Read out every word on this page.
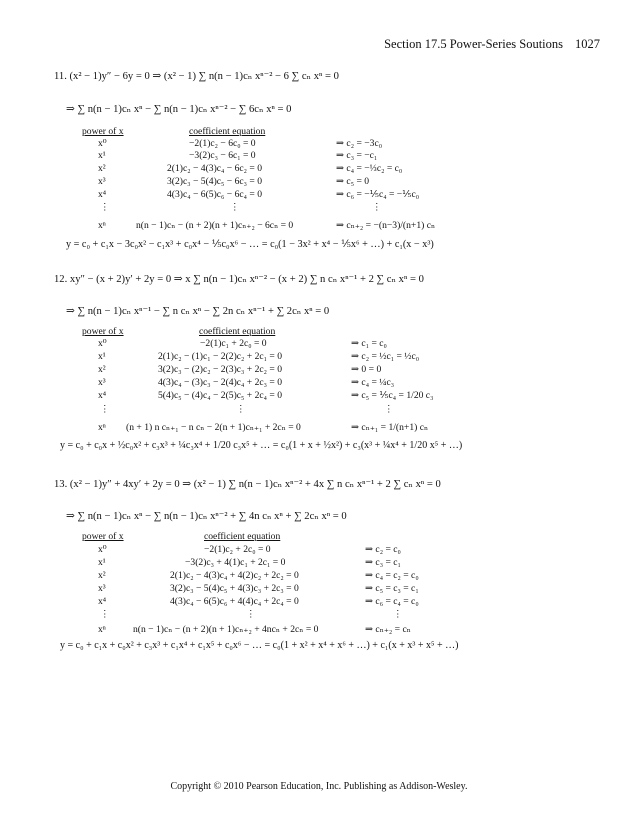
Section 17.5 Power-Series Soutions 1027
11. (x² − 1)y″ − 6y = 0 ⇒ (x² − 1) ∑ n(n − 1)cₙ xⁿ⁻² − 6 ∑ cₙ xⁿ = 0
⇒ ∑ n(n − 1)cₙ xⁿ − ∑ n(n − 1)cₙ xⁿ⁻² − ∑ 6cₙ xⁿ = 0
power of x	coefficient equation
x⁰	−2(1)c₂ − 6c₀ = 0	⇒ c₂ = −3c₀
x¹	−3(2)c₃ − 6c₁ = 0	⇒ c₃ = −c₁
x²	2(1)c₂ − 4(3)c₄ − 6c₂ = 0	⇒ c₄ = −⅓c₂ = c₀
x³	3(2)c₃ − 5(4)c₅ − 6c₃ = 0	⇒ c₅ = 0
x⁴	4(3)c₄ − 6(5)c₆ − 6c₄ = 0	⇒ c₆ = −⅕c₄ = −⅕c₀
⋮	⋮	⋮
xⁿ	n(n − 1)cₙ − (n + 2)(n + 1)cₙ₊₂ − 6cₙ = 0	⇒ cₙ₊₂ = −(n−3)/(n+1) cₙ
y = c₀ + c₁x − 3c₀x² − c₁x³ + c₀x⁴ − ⅕c₀x⁶ − … = c₀(1 − 3x² + x⁴ − ⅕x⁶ + …) + c₁(x − x³)
12. xy″ − (x + 2)y′ + 2y = 0 ⇒ x ∑ n(n − 1)cₙ xⁿ⁻² − (x + 2) ∑ n cₙ xⁿ⁻¹ + 2 ∑ cₙ xⁿ = 0
⇒ ∑ n(n − 1)cₙ xⁿ⁻¹ − ∑ n cₙ xⁿ − ∑ 2n cₙ xⁿ⁻¹ + ∑ 2cₙ xⁿ = 0
power of x	coefficient equation
x⁰	−2(1)c₁ + 2c₀ = 0	⇒ c₁ = c₀
x¹	2(1)c₂ − (1)c₁ − 2(2)c₂ + 2c₁ = 0	⇒ c₂ = ½c₁ = ½c₀
x²	3(2)c₃ − (2)c₂ − 2(3)c₃ + 2c₂ = 0	⇒ 0 = 0
x³	4(3)c₄ − (3)c₃ − 2(4)c₄ + 2c₃ = 0	⇒ c₄ = ¼c₃
x⁴	5(4)c₅ − (4)c₄ − 2(5)c₅ + 2c₄ = 0	⇒ c₅ = ⅕c₄ = 1/20 c₃
⋮	⋮	⋮
xⁿ (n + 1) n cₙ₊₁ − n cₙ − 2(n + 1)cₙ₊₁ + 2cₙ = 0	⇒ cₙ₊₁ = 1/(n+1) cₙ
y = c₀ + c₀x + ½c₀x² + c₃x³ + ¼c₃x⁴ + 1/20 c₃x⁵ + … = c₀(1 + x + ½x²) + c₃(x³ + ¼x⁴ + 1/20 x⁵ + …)
13. (x² − 1)y″ + 4xy′ + 2y = 0 ⇒ (x² − 1) ∑ n(n − 1)cₙ xⁿ⁻² + 4x ∑ n cₙ xⁿ⁻¹ + 2 ∑ cₙ xⁿ = 0
⇒ ∑ n(n − 1)cₙ xⁿ − ∑ n(n − 1)cₙ xⁿ⁻² + ∑ 4n cₙ xⁿ + ∑ 2cₙ xⁿ = 0
power of x	coefficient equation
x⁰	−2(1)c₂ + 2c₀ = 0	⇒ c₂ = c₀
x¹	−3(2)c₃ + 4(1)c₁ + 2c₁ = 0	⇒ c₃ = c₁
x²	2(1)c₂ − 4(3)c₄ + 4(2)c₂ + 2c₂ = 0	⇒ c₄ = c₂ = c₀
x³	3(2)c₃ − 5(4)c₅ + 4(3)c₃ + 2c₃ = 0	⇒ c₅ = c₃ = c₁
x⁴	4(3)c₄ − 6(5)c₆ + 4(4)c₄ + 2c₄ = 0	⇒ c₆ = c₄ = c₀
⋮	⋮	⋮
xⁿ	n(n − 1)cₙ − (n + 2)(n + 1)cₙ₊₂ + 4ncₙ + 2cₙ = 0	⇒ cₙ₊₂ = cₙ
y = c₀ + c₁x + c₀x² + c₃x³ + c₁x⁴ + c₁x⁵ + c₀x⁶ − … = c₀(1 + x² + x⁴ + x⁶ + …) + c₁(x + x³ + x⁵ + …)
Copyright © 2010 Pearson Education, Inc. Publishing as Addison-Wesley.
